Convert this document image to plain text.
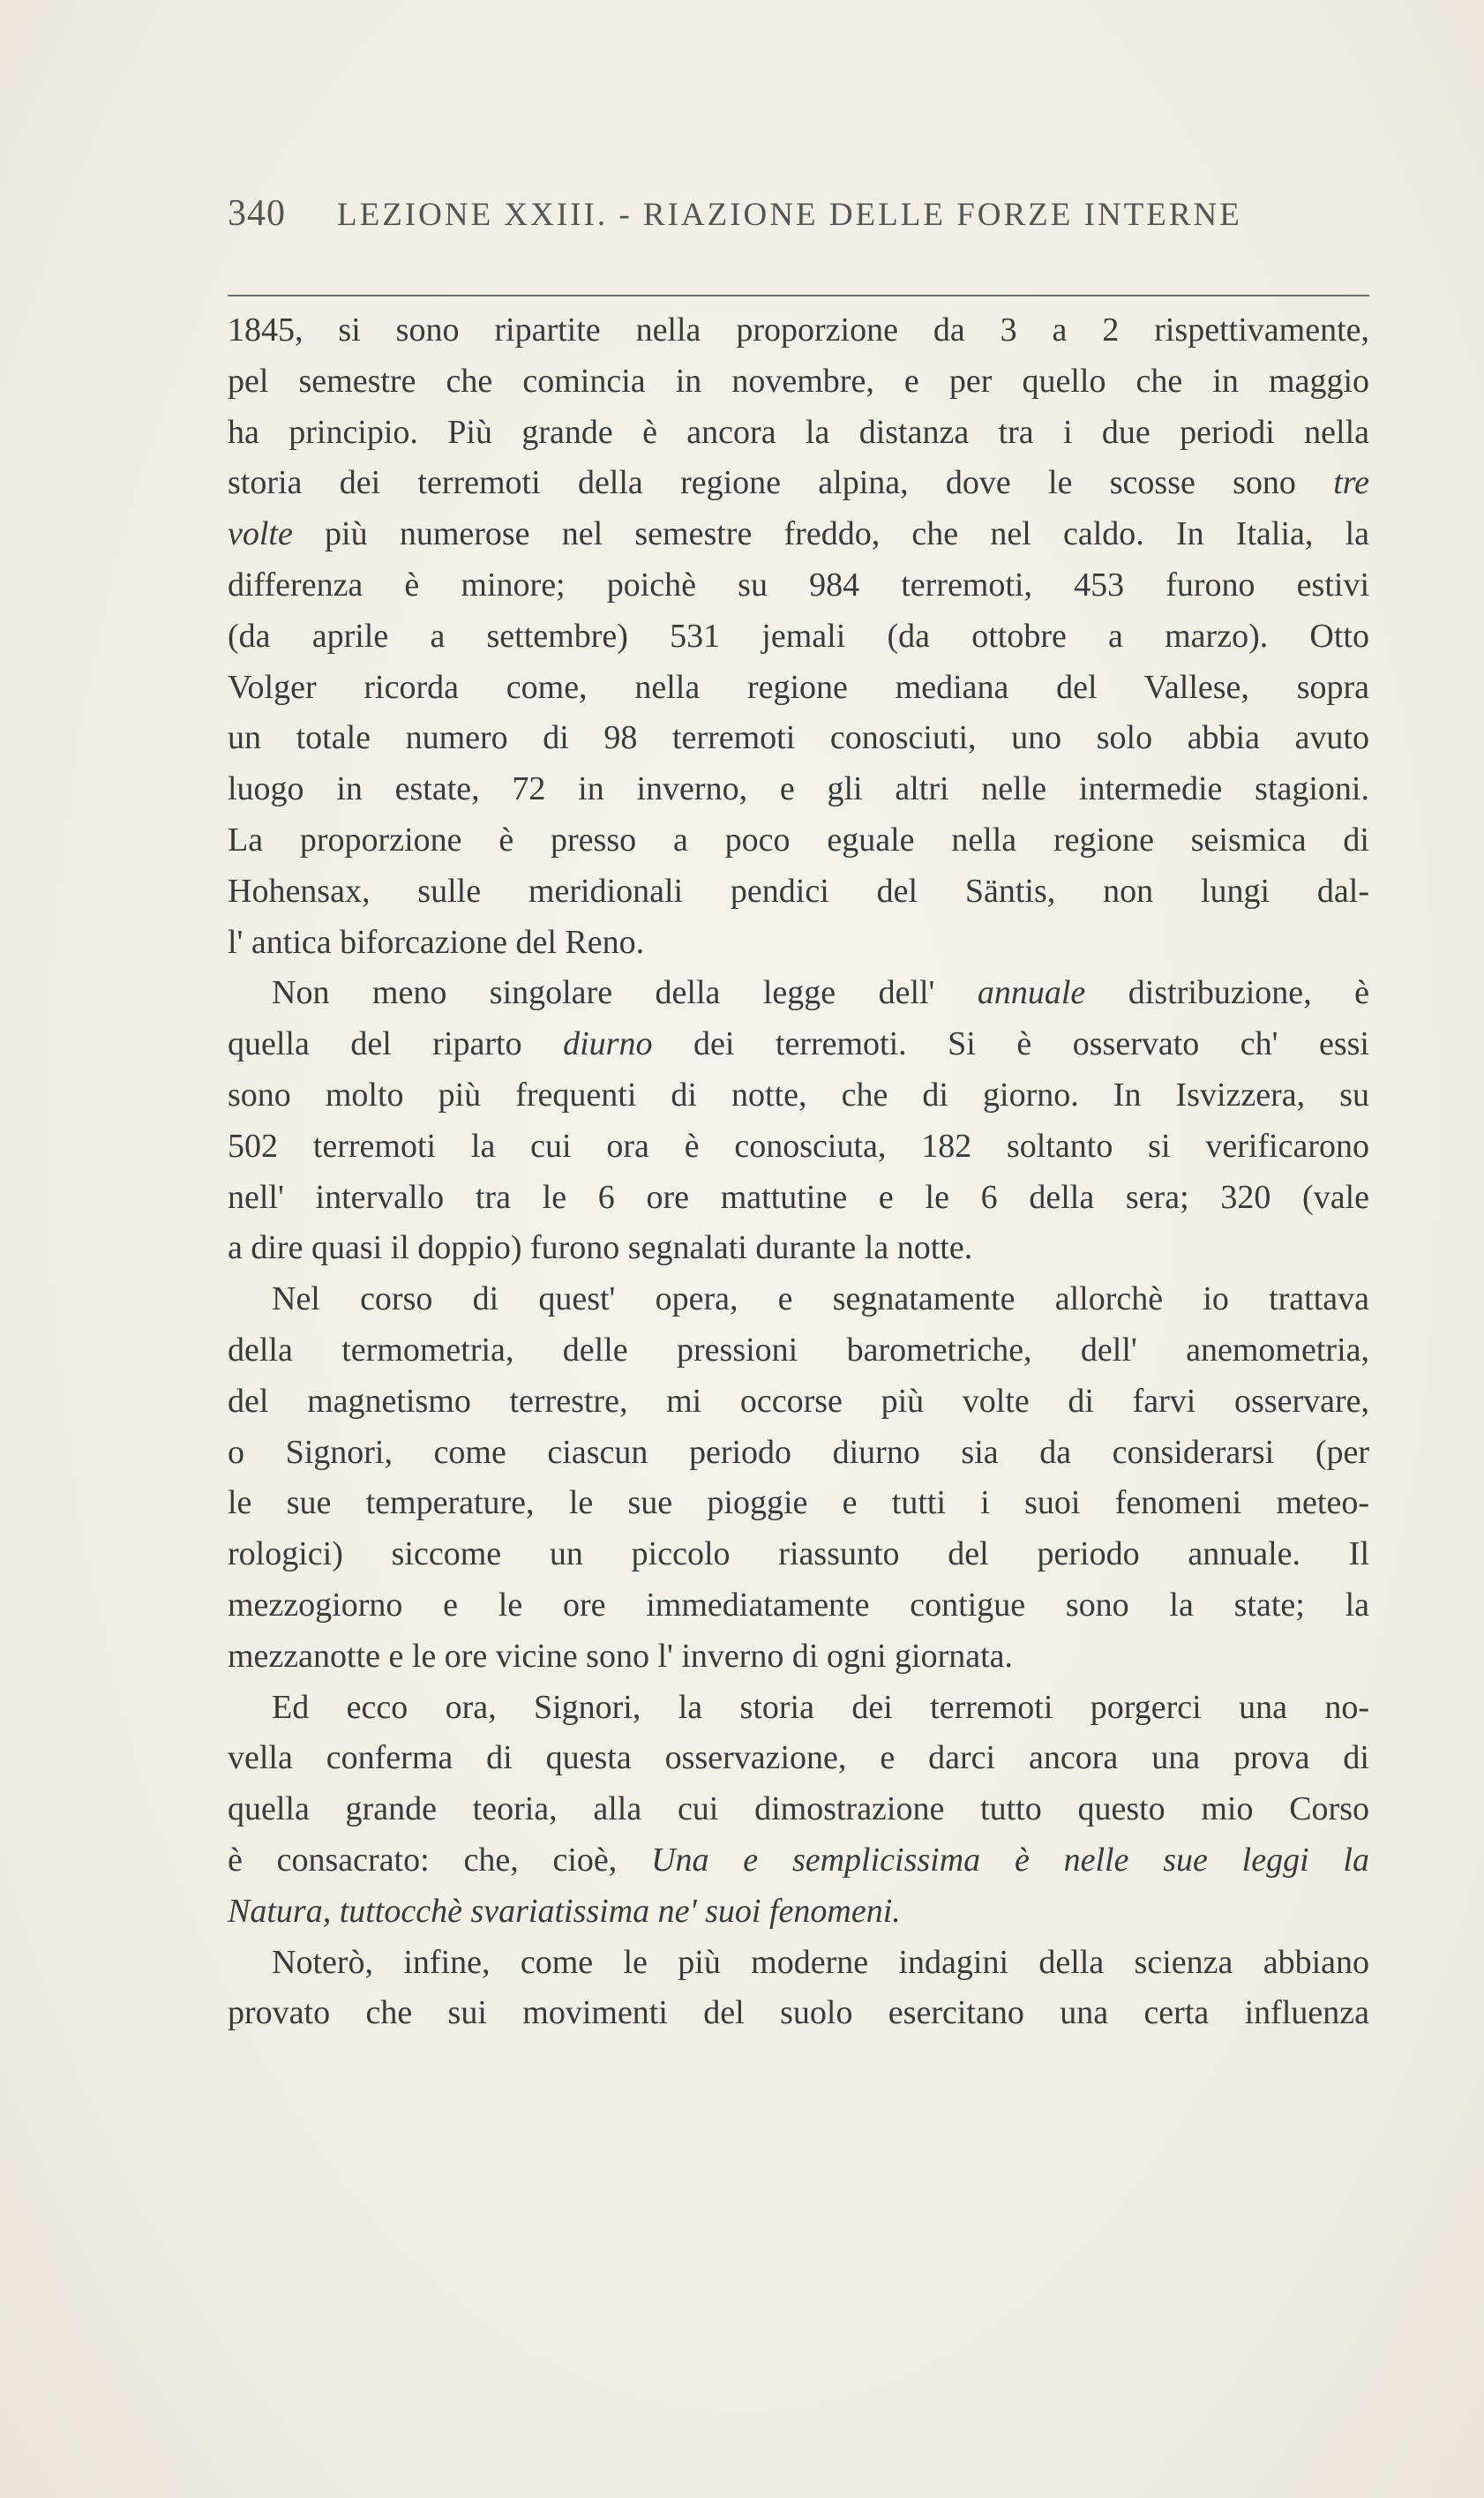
340 LEZIONE XXIII. - RIAZIONE DELLE FORZE INTERNE
1845, si sono ripartite nella proporzione da 3 a 2 rispettivamente,
pel semestre che comincia in novembre, e per quello che in maggio
ha principio. Più grande è ancora la distanza tra i due periodi nella
storia dei terremoti della regione alpina, dove le scosse sono tre
volte più numerose nel semestre freddo, che nel caldo. In Italia, la
differenza è minore; poichè su 984 terremoti, 453 furono estivi
(da aprile a settembre) 531 jemali (da ottobre a marzo). Otto
Volger ricorda come, nella regione mediana del Vallese, sopra
un totale numero di 98 terremoti conosciuti, uno solo abbia avuto
luogo in estate, 72 in inverno, e gli altri nelle intermedie stagioni.
La proporzione è presso a poco eguale nella regione seismica di
Hohensax, sulle meridionali pendici del Säntis, non lungi dal-
l' antica biforcazione del Reno.
Non meno singolare della legge dell' annuale distribuzione, è
quella del riparto diurno dei terremoti. Si è osservato ch' essi
sono molto più frequenti di notte, che di giorno. In Isvizzera, su
502 terremoti la cui ora è conosciuta, 182 soltanto si verificarono
nell' intervallo tra le 6 ore mattutine e le 6 della sera; 320 (vale
a dire quasi il doppio) furono segnalati durante la notte.
Nel corso di quest' opera, e segnatamente allorchè io trattava
della termometria, delle pressioni barometriche, dell' anemometria,
del magnetismo terrestre, mi occorse più volte di farvi osservare,
o Signori, come ciascun periodo diurno sia da considerarsi (per
le sue temperature, le sue pioggie e tutti i suoi fenomeni meteo-
rologici) siccome un piccolo riassunto del periodo annuale. Il
mezzogiorno e le ore immediatamente contigue sono la state; la
mezzanotte e le ore vicine sono l' inverno di ogni giornata.
Ed ecco ora, Signori, la storia dei terremoti porgerci una no-
vella conferma di questa osservazione, e darci ancora una prova di
quella grande teoria, alla cui dimostrazione tutto questo mio Corso
è consacrato: che, cioè, Una e semplicissima è nelle sue leggi la
Natura, tuttocchè svariatissima ne' suoi fenomeni.
Noterò, infine, come le più moderne indagini della scienza abbiano
provato che sui movimenti del suolo esercitano una certa influenza
